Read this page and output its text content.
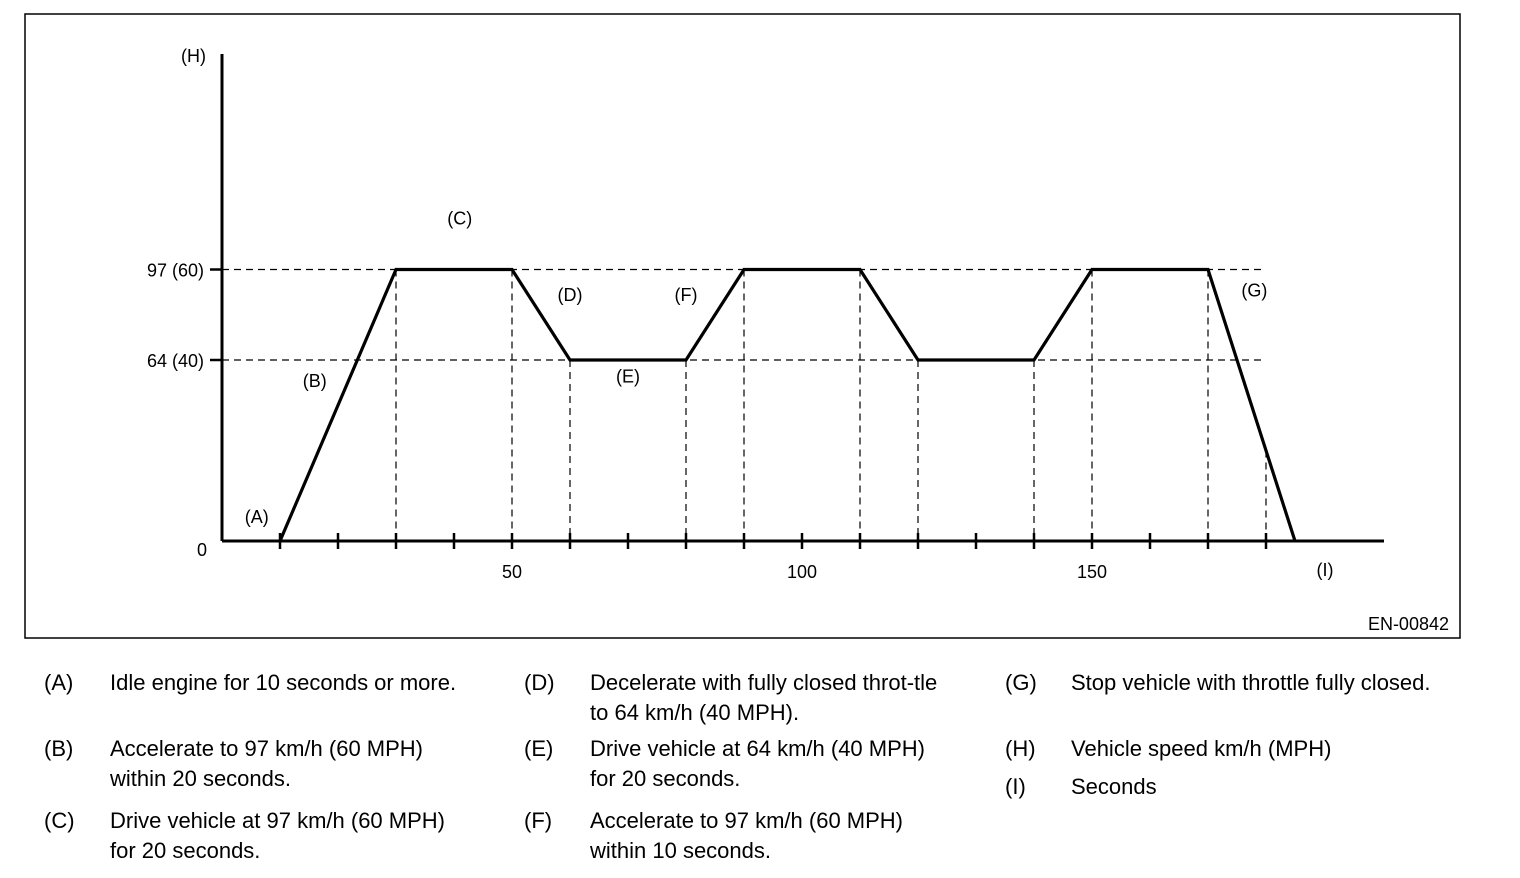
50	100	150
0
64 (40)
97 (60)
(H)
(I)
(A)
(B)
(C)
(D)
(E)
(F)	(G)
EN-00842
(A)	Idle engine for 10 seconds or more.
(B)	Accelerate to 97 km/h (60 MPH) within 20 seconds.
(C)	Drive vehicle at 97 km/h (60 MPH) for 20 seconds.
(D)	Decelerate with fully closed throt-tle to 64 km/h (40 MPH).
(E)	Drive vehicle at 64 km/h (40 MPH) for 20 seconds.
(F)	Accelerate to 97 km/h (60 MPH) within 10 seconds.
(G)	Stop vehicle with throttle fully closed.
(H)	Vehicle speed km/h (MPH)
(I)	Seconds
